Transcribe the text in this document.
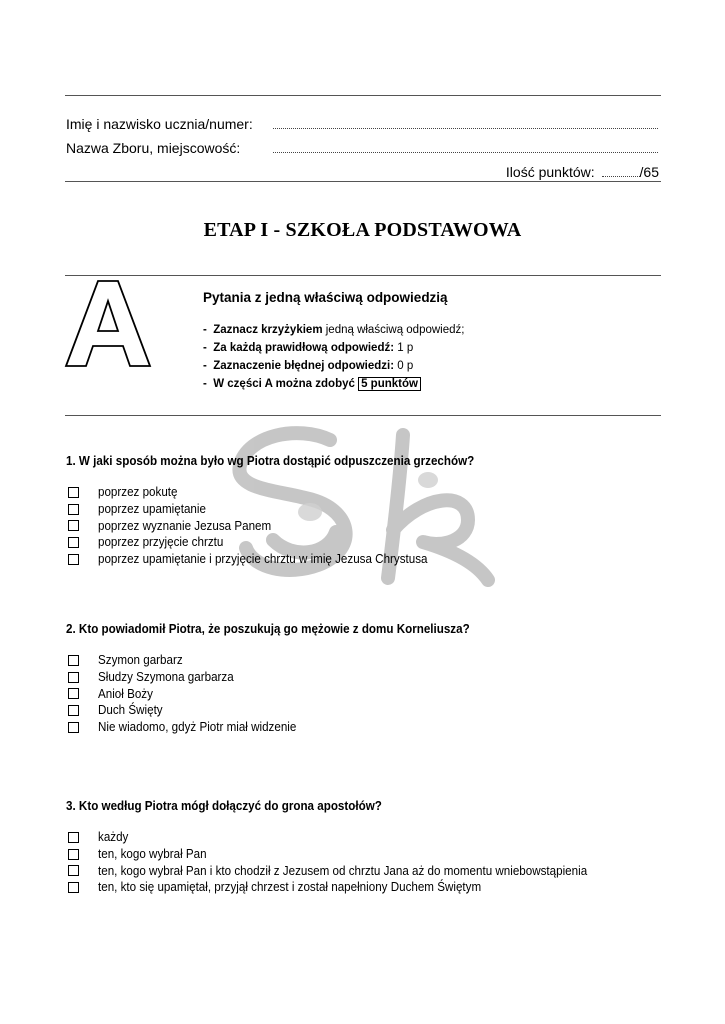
Imię i nazwisko ucznia/numer:
Nazwa Zboru, miejscowość:
Ilość punktów:	/65
ETAP I - SZKOŁA PODSTAWOWA
Pytania z jedną właściwą odpowiedzią
- Zaznacz krzyżykiem jedną właściwą odpowiedź;
- Za każdą prawidłową odpowiedź: 1 p
- Zaznaczenie błędnej odpowiedzi: 0 p
- W części A można zdobyć 5 punktów
1. W jaki sposób można było wg Piotra dostąpić odpuszczenia grzechów?
poprzez pokutę
poprzez upamiętanie
poprzez wyznanie Jezusa Panem
poprzez przyjęcie chrztu
poprzez upamiętanie i przyjęcie chrztu w imię Jezusa Chrystusa
2. Kto powiadomił Piotra, że poszukują go mężowie z domu Korneliusza?
Szymon garbarz
Słudzy Szymona garbarza
Anioł Boży
Duch Święty
Nie wiadomo, gdyż Piotr miał widzenie
3. Kto według Piotra mógł dołączyć do grona apostołów?
każdy
ten, kogo wybrał Pan
ten, kogo wybrał Pan i kto chodził z Jezusem od chrztu Jana aż do momentu wniebowstąpienia
ten, kto się upamiętał, przyjął chrzest i został napełniony Duchem Świętym
